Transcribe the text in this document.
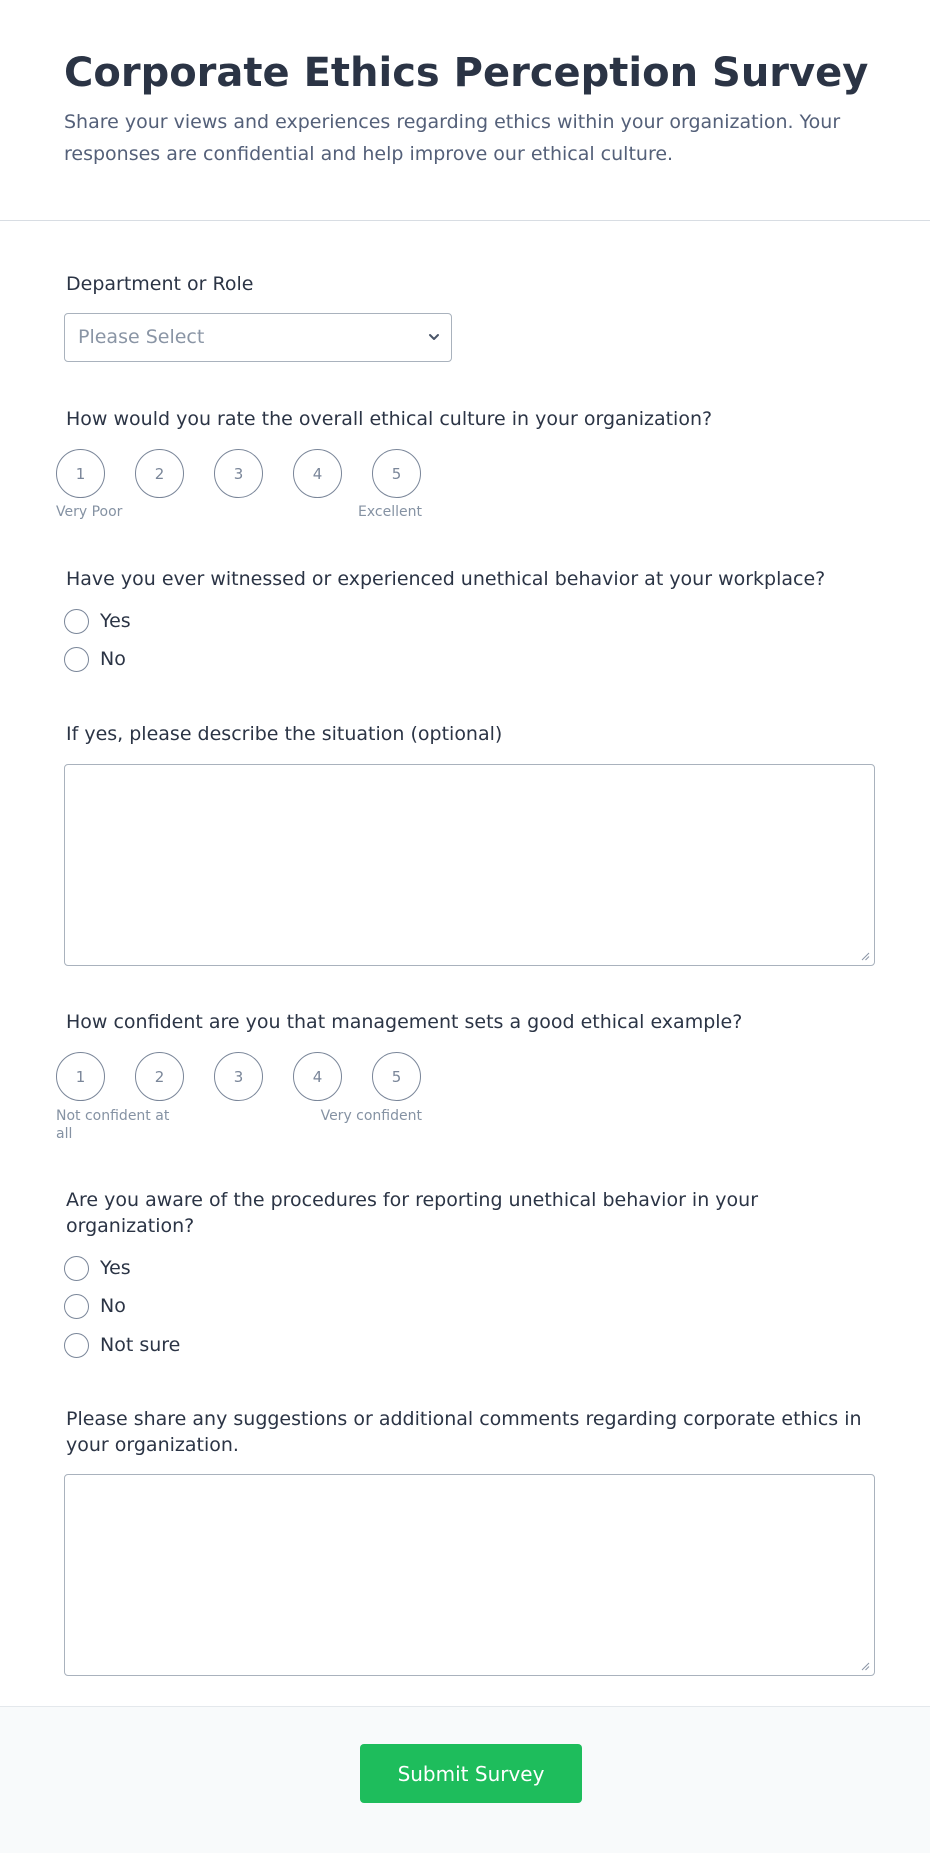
Corporate Ethics Perception Survey

Share your views and experiences regarding ethics within your organization. Your responses are confidential and help improve our ethical culture.

Department or Role
Please Select
How would you rate the overall ethical culture in your organization?
1	2	3	4	5
Very Poor	Excellent
Have you ever witnessed or experienced unethical behavior at your workplace?
Yes
No
If yes, please describe the situation (optional)
How confident are you that management sets a good ethical example?
1	2	3	4	5
Not confident at all
Very confident
Are you aware of the procedures for reporting unethical behavior in your organization?
Yes
No
Not sure
Please share any suggestions or additional comments regarding corporate ethics in your organization.
Submit Survey
